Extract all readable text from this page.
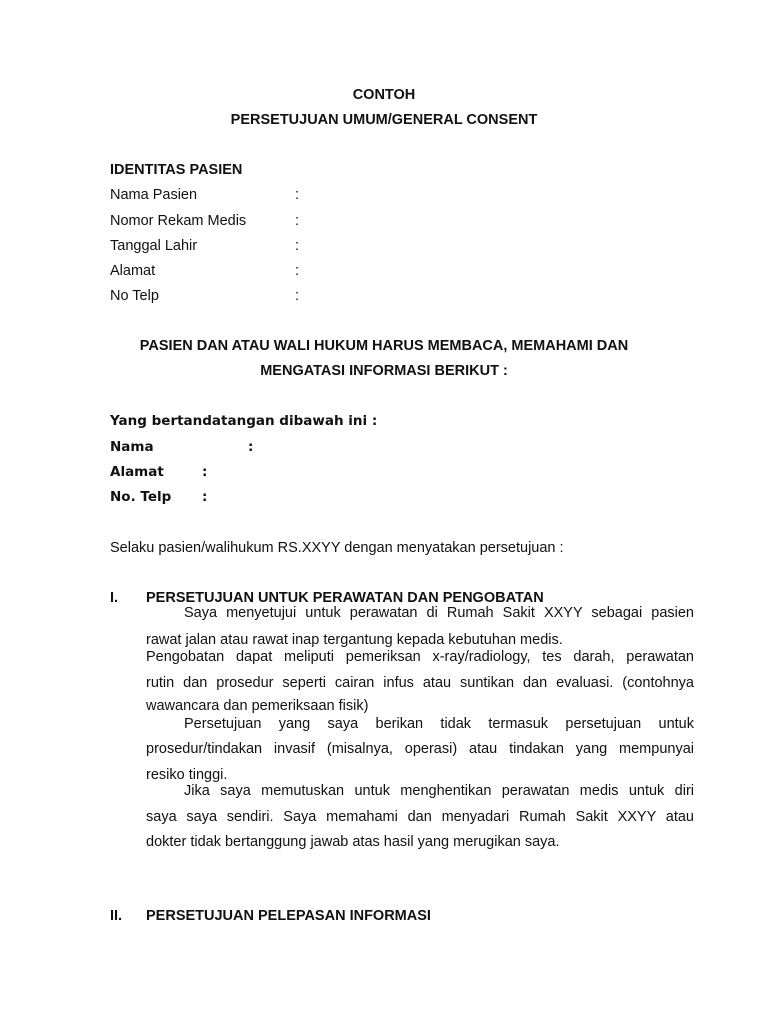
CONTOH
PERSETUJUAN UMUM/GENERAL CONSENT
IDENTITAS PASIEN
Nama Pasien	:
Nomor Rekam Medis	:
Tanggal Lahir	:
Alamat	:
No Telp	:
PASIEN DAN ATAU WALI HUKUM HARUS MEMBACA, MEMAHAMI DAN
MENGATASI INFORMASI BERIKUT :
Yang bertandatangan dibawah ini :
Nama	:
Alamat	:
No. Telp :
Selaku pasien/walihukum RS.XXYY dengan menyatakan persetujuan :
I. PERSETUJUAN UNTUK PERAWATAN DAN PENGOBATAN
Saya menyetujui untuk perawatan di Rumah Sakit XXYY sebagai pasien
rawat jalan atau rawat inap tergantung kepada kebutuhan medis.
Pengobatan dapat meliputi pemeriksan x-ray/radiology, tes darah, perawatan
rutin dan prosedur seperti cairan infus atau suntikan dan evaluasi. (contohnya
wawancara dan pemeriksaan fisik)
Persetujuan yang saya berikan tidak termasuk persetujuan untuk
prosedur/tindakan invasif (misalnya, operasi) atau tindakan yang mempunyai
resiko tinggi.
Jika saya memutuskan untuk menghentikan perawatan medis untuk diri
saya saya sendiri. Saya memahami dan menyadari Rumah Sakit XXYY atau
dokter tidak bertanggung jawab atas hasil yang merugikan saya.
II. PERSETUJUAN PELEPASAN INFORMASI
